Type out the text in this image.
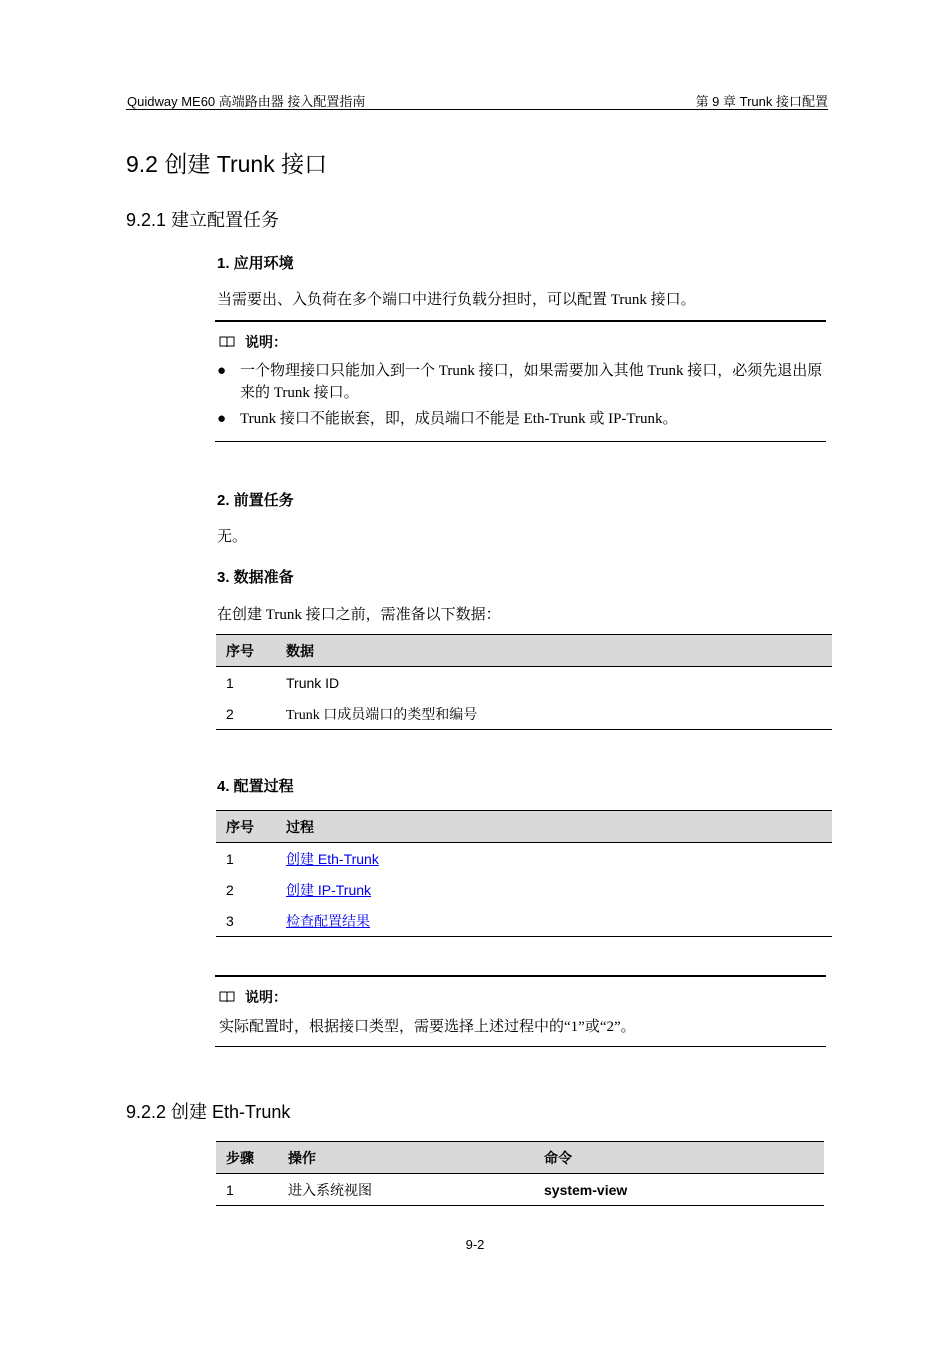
Quidway ME60 高端路由器 接入配置指南	第 9 章 Trunk 接口配置
9.2 创建 Trunk 接口
9.2.1 建立配置任务
1. 应用环境
当需要出、入负荷在多个端口中进行负载分担时，可以配置 Trunk 接口。
说明：
● 一个物理接口只能加入到一个 Trunk 接口，如果需要加入其他 Trunk 接口，必须先退出原来的 Trunk 接口。
● Trunk 接口不能嵌套，即，成员端口不能是 Eth-Trunk 或 IP-Trunk。
2. 前置任务
无。
3. 数据准备
在创建 Trunk 接口之前，需准备以下数据：
序号	数据
1	Trunk ID
2	Trunk 口成员端口的类型和编号
4. 配置过程
序号	过程
1	创建 Eth-Trunk
2	创建 IP-Trunk
3	检查配置结果
说明：
实际配置时，根据接口类型，需要选择上述过程中的“1”或“2”。
9.2.2 创建 Eth-Trunk
步骤	操作	命令
1	进入系统视图	system-view
9-2
